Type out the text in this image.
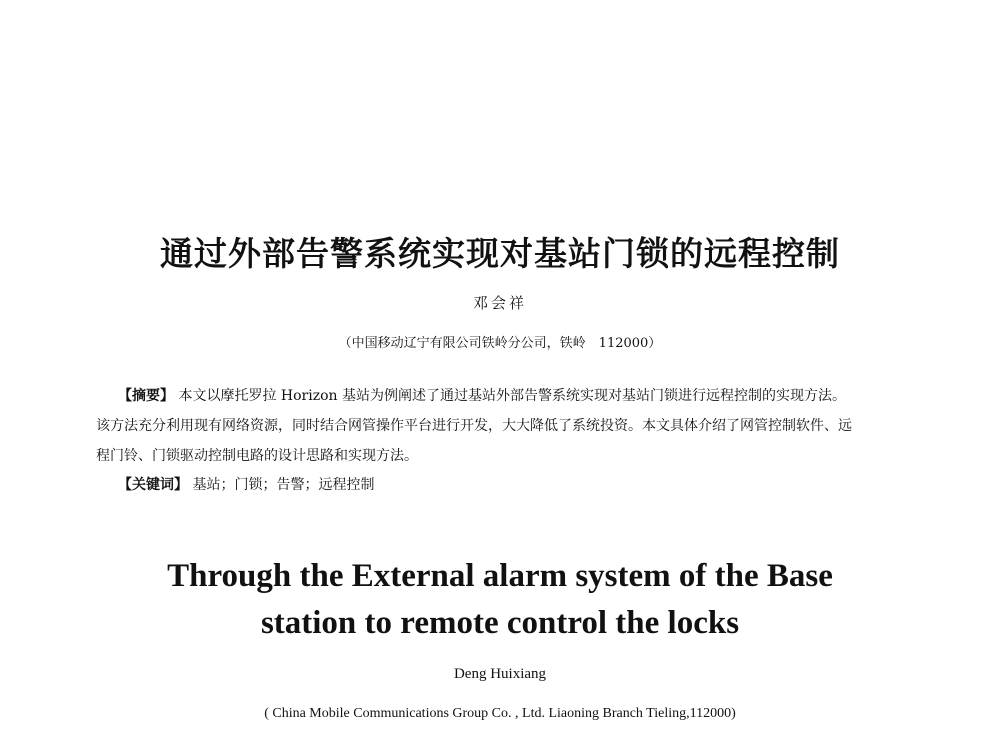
通过外部告警系统实现对基站门锁的远程控制
邓会祥
（中国移动辽宁有限公司铁岭分公司，铁岭　112000）
【摘要】 本文以摩托罗拉 Horizon 基站为例阐述了通过基站外部告警系统实现对基站门锁进行远程控制的实现方法。
该方法充分利用现有网络资源，同时结合网管操作平台进行开发，大大降低了系统投资。本文具体介绍了网管控制软件、远
程门铃、门锁驱动控制电路的设计思路和实现方法。
【关键词】 基站；门锁；告警；远程控制
Through the External alarm system of the Base
station to remote control the locks
Deng Huixiang
( China Mobile Communications Group Co. , Ltd. Liaoning Branch Tieling,112000)
